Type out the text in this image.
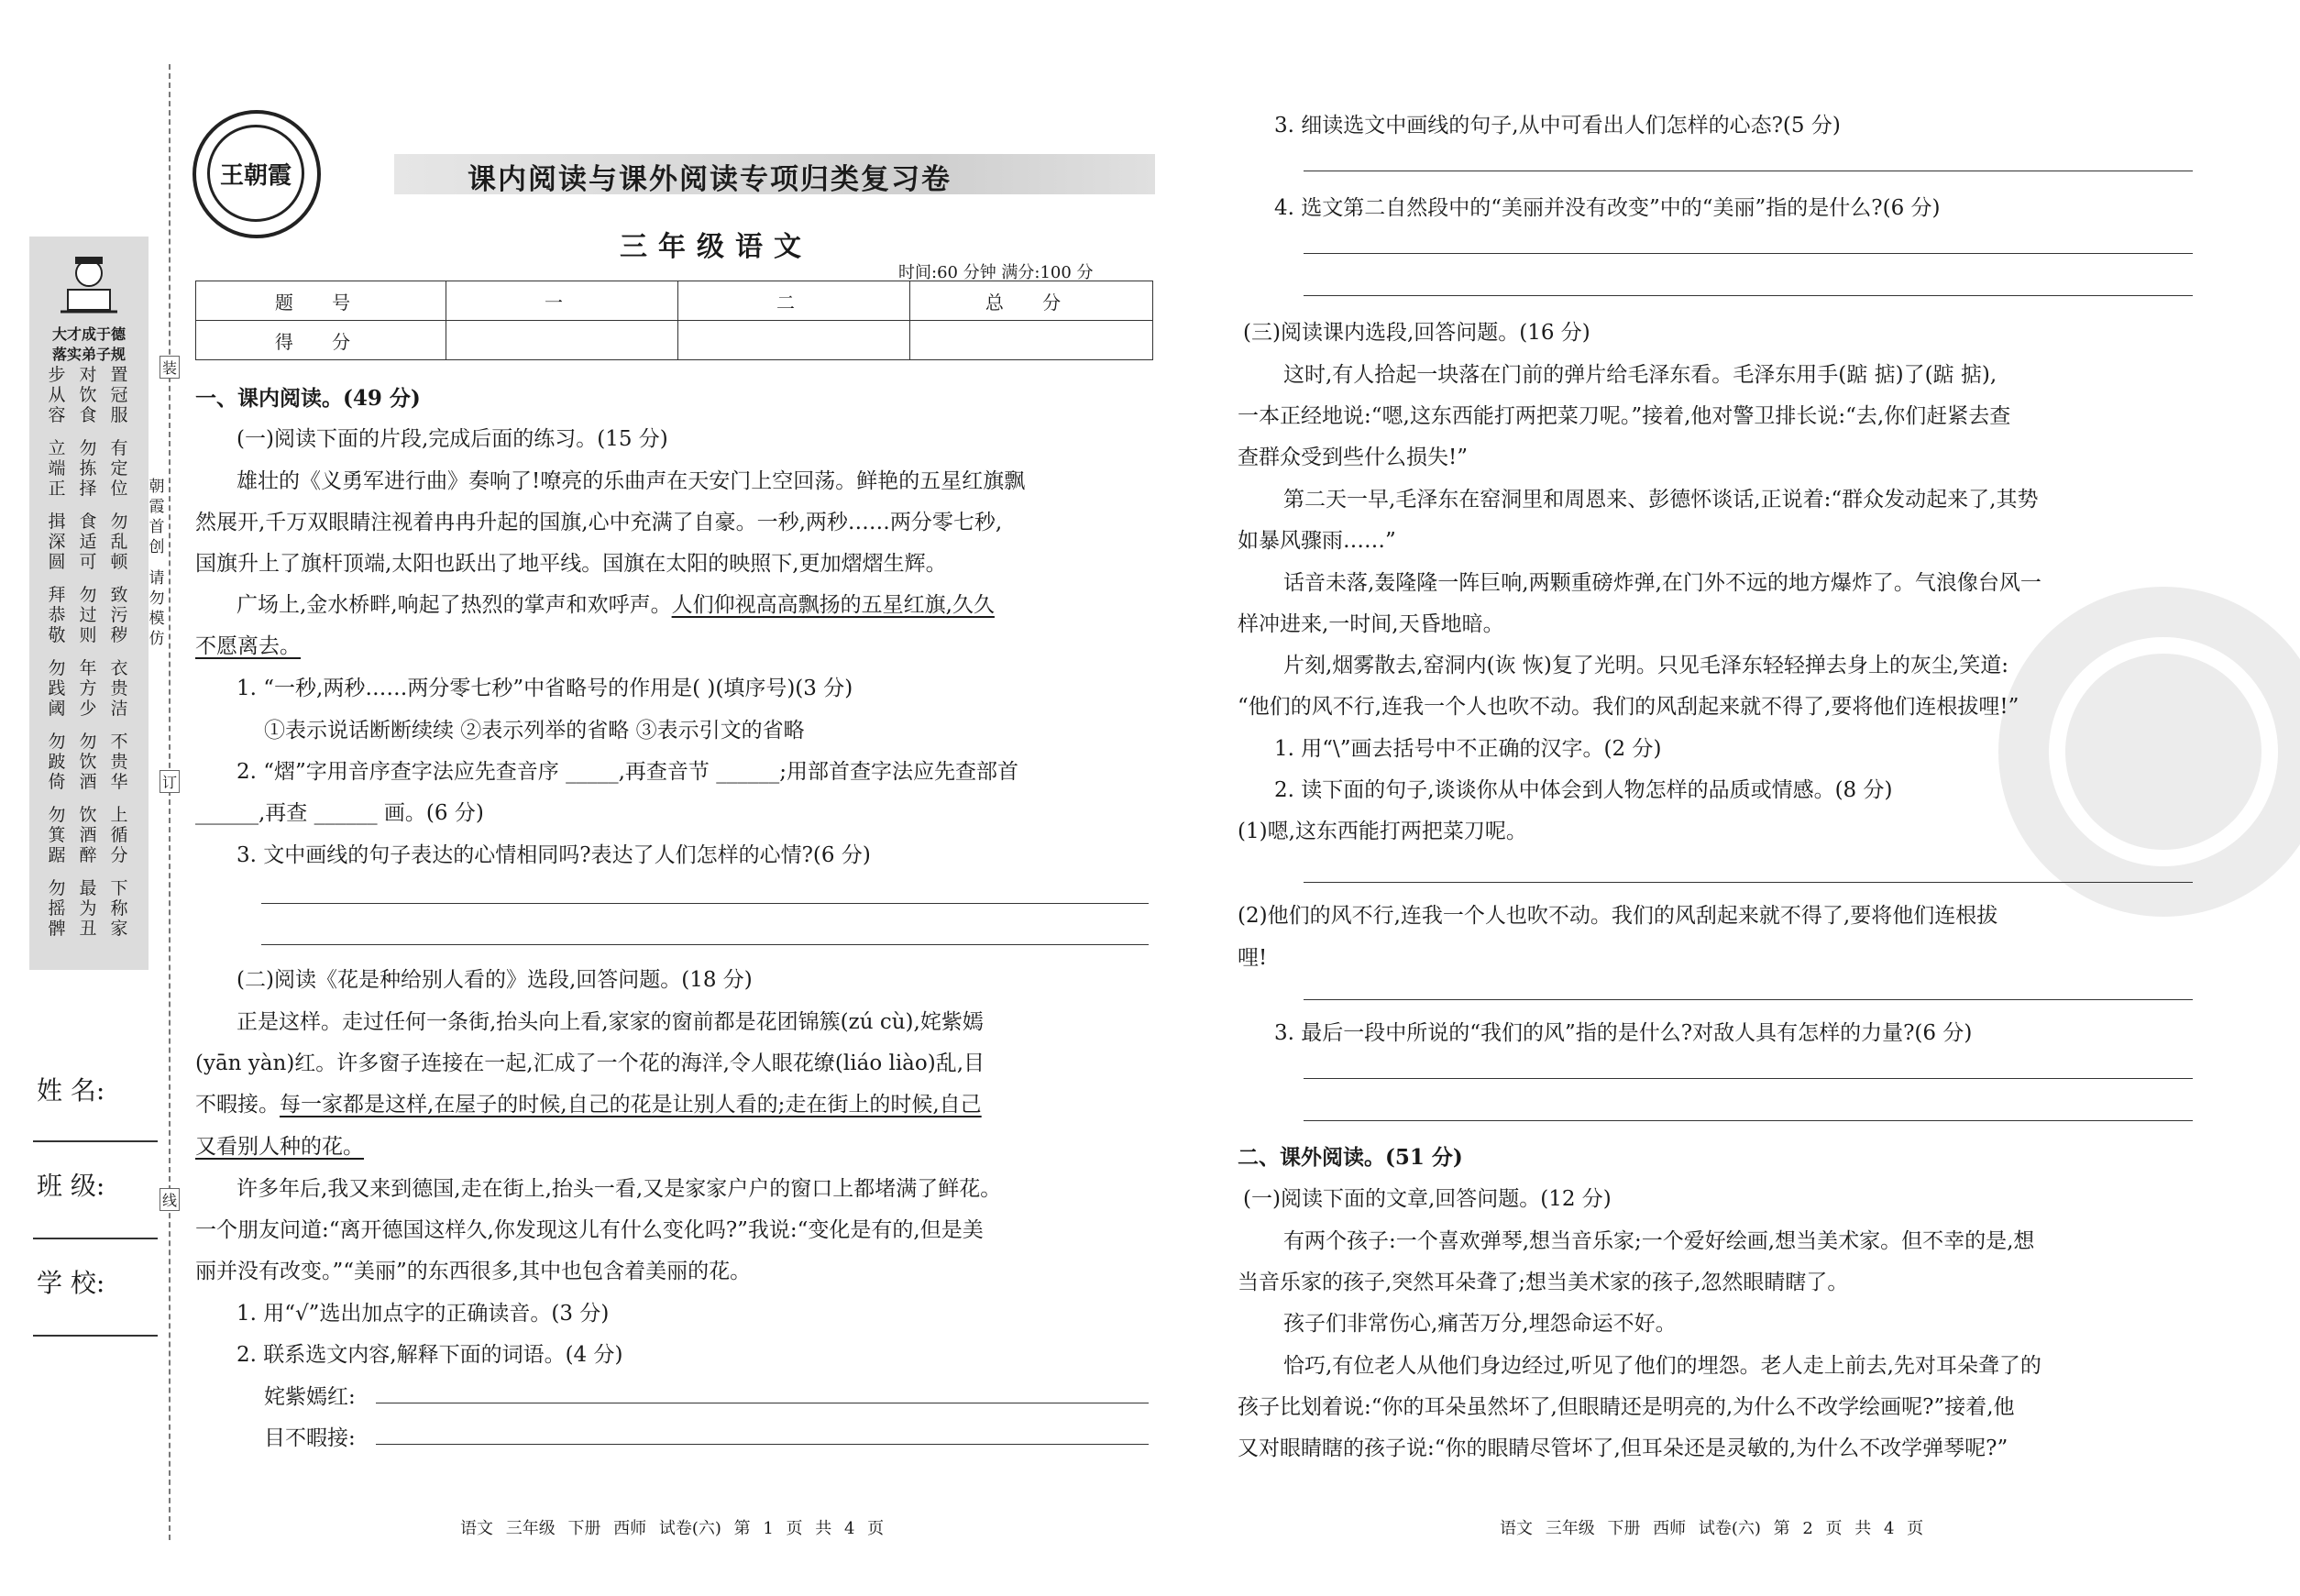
大才成于德
落实弟子规
步从容
对饮食
置冠服
立端正
勿拣择
有定位
揖深圆
食适可
勿乱顿
拜恭敬
勿过则
致污秽
勿践阈
年方少
衣贵洁
勿跛倚
勿饮酒
不贵华
勿箕踞
饮酒醉
上循分
勿摇髀
最为丑
下称家
装
订
线
朝霞首创
请勿模仿
姓 名:
班 级:
学 校:
王朝霞	课内阅读与课外阅读专项归类复习卷
三年级语文
时间:60 分钟 满分:100 分
题 号	一	二	总 分
得 分			
一、课内阅读。(49 分)
(一)阅读下面的片段,完成后面的练习。(15 分)
雄壮的《义勇军进行曲》奏响了!嘹亮的乐曲声在天安门上空回荡。鲜艳的五星红旗飘
然展开,千万双眼睛注视着冉冉升起的国旗,心中充满了自豪。一秒,两秒……两分零七秒,
国旗升上了旗杆顶端,太阳也跃出了地平线。国旗在太阳的映照下,更加熠熠生辉。
广场上,金水桥畔,响起了热烈的掌声和欢呼声。人们仰视高高飘扬的五星红旗,久久
不愿离去。
1. “一秒,两秒……两分零七秒”中省略号的作用是( )(填序号)(3 分)
①表示说话断断续续 ②表示列举的省略 ③表示引文的省略
2. “熠”字用音序查字法应先查音序 _____,再查音节 ______;用部首查字法应先查部首
______,再查 ______ 画。(6 分)
3. 文中画线的句子表达的心情相同吗?表达了人们怎样的心情?(6 分)
(二)阅读《花是种给别人看的》选段,回答问题。(18 分)
正是这样。走过任何一条街,抬头向上看,家家的窗前都是花团锦簇(zú cù),姹紫嫣
(yān yàn)红。许多窗子连接在一起,汇成了一个花的海洋,令人眼花缭(liáo liào)乱,目
不暇接。每一家都是这样,在屋子的时候,自己的花是让别人看的;走在街上的时候,自己
又看别人种的花。
许多年后,我又来到德国,走在街上,抬头一看,又是家家户户的窗口上都堵满了鲜花。
一个朋友问道:“离开德国这样久,你发现这儿有什么变化吗?”我说:“变化是有的,但是美
丽并没有改变。”“美丽”的东西很多,其中也包含着美丽的花。
1. 用“√”选出加点字的正确读音。(3 分)
2. 联系选文内容,解释下面的词语。(4 分)
姹紫嫣红:
目不暇接:
语文 三年级 下册 西师 试卷(六) 第 1 页 共 4 页
3. 细读选文中画线的句子,从中可看出人们怎样的心态?(5 分)
4. 选文第二自然段中的“美丽并没有改变”中的“美丽”指的是什么?(6 分)
(三)阅读课内选段,回答问题。(16 分)
这时,有人拾起一块落在门前的弹片给毛泽东看。毛泽东用手(踮 掂)了(踮 掂),
一本正经地说:“嗯,这东西能打两把菜刀呢。”接着,他对警卫排长说:“去,你们赶紧去查
查群众受到些什么损失!”
第二天一早,毛泽东在窑洞里和周恩来、彭德怀谈话,正说着:“群众发动起来了,其势
如暴风骤雨……”
话音未落,轰隆隆一阵巨响,两颗重磅炸弹,在门外不远的地方爆炸了。气浪像台风一
样冲进来,一时间,天昏地暗。
片刻,烟雾散去,窑洞内(诙 恢)复了光明。只见毛泽东轻轻掸去身上的灰尘,笑道:
“他们的风不行,连我一个人也吹不动。我们的风刮起来就不得了,要将他们连根拔哩!”
1. 用“\”画去括号中不正确的汉字。(2 分)
2. 读下面的句子,谈谈你从中体会到人物怎样的品质或情感。(8 分)
(1)嗯,这东西能打两把菜刀呢。
(2)他们的风不行,连我一个人也吹不动。我们的风刮起来就不得了,要将他们连根拔
哩!
3. 最后一段中所说的“我们的风”指的是什么?对敌人具有怎样的力量?(6 分)
二、课外阅读。(51 分)
(一)阅读下面的文章,回答问题。(12 分)
有两个孩子:一个喜欢弹琴,想当音乐家;一个爱好绘画,想当美术家。但不幸的是,想
当音乐家的孩子,突然耳朵聋了;想当美术家的孩子,忽然眼睛瞎了。
孩子们非常伤心,痛苦万分,埋怨命运不好。
恰巧,有位老人从他们身边经过,听见了他们的埋怨。老人走上前去,先对耳朵聋了的
孩子比划着说:“你的耳朵虽然坏了,但眼睛还是明亮的,为什么不改学绘画呢?”接着,他
又对眼睛瞎的孩子说:“你的眼睛尽管坏了,但耳朵还是灵敏的,为什么不改学弹琴呢?”
语文 三年级 下册 西师 试卷(六) 第 2 页 共 4 页
